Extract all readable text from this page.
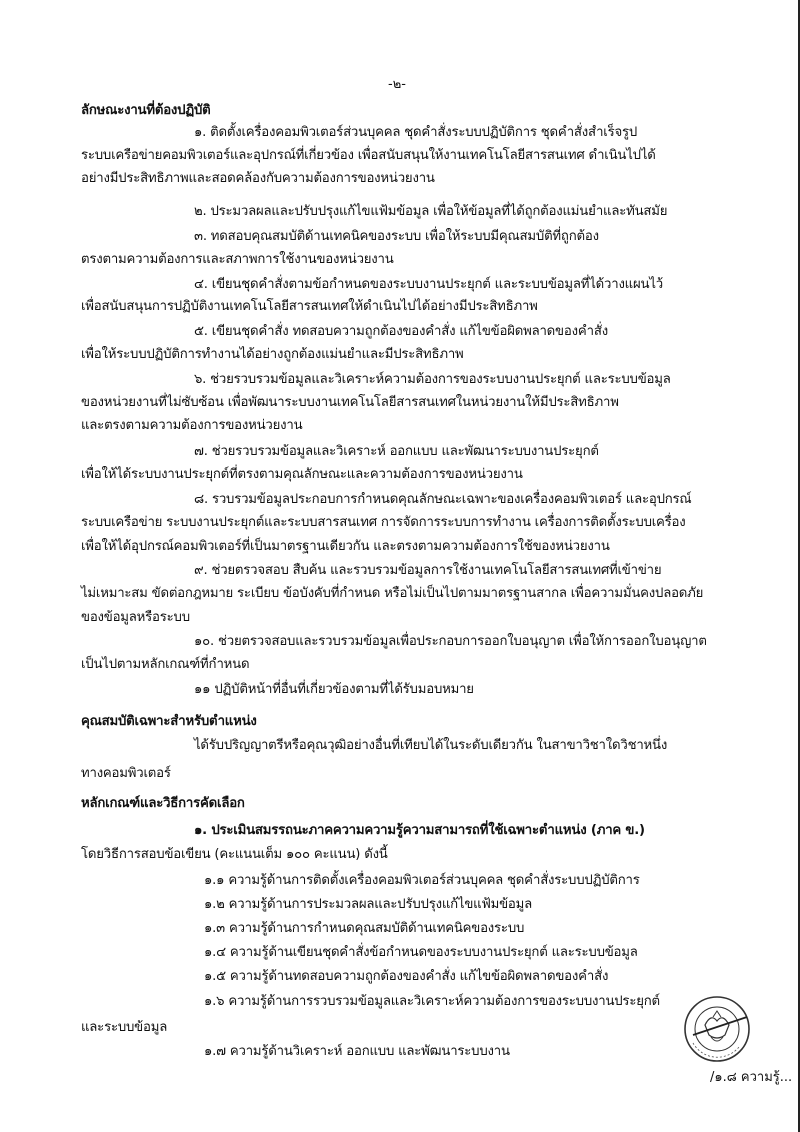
-๒-
ลักษณะงานที่ต้องปฏิบัติ
๑. ติดตั้งเครื่องคอมพิวเตอร์ส่วนบุคคล ชุดคำสั่งระบบปฏิบัติการ ชุดคำสั่งสำเร็จรูป
ระบบเครือข่ายคอมพิวเตอร์และอุปกรณ์ที่เกี่ยวข้อง เพื่อสนับสนุนให้งานเทคโนโลยีสารสนเทศ ดำเนินไปได้
อย่างมีประสิทธิภาพและสอดคล้องกับความต้องการของหน่วยงาน
๒. ประมวลผลและปรับปรุงแก้ไขแฟ้มข้อมูล เพื่อให้ข้อมูลที่ได้ถูกต้องแม่นยำและทันสมัย
๓. ทดสอบคุณสมบัติด้านเทคนิคของระบบ เพื่อให้ระบบมีคุณสมบัติที่ถูกต้อง
ตรงตามความต้องการและสภาพการใช้งานของหน่วยงาน
๔. เขียนชุดคำสั่งตามข้อกำหนดของระบบงานประยุกต์ และระบบข้อมูลที่ได้วางแผนไว้
เพื่อสนับสนุนการปฏิบัติงานเทคโนโลยีสารสนเทศให้ดำเนินไปได้อย่างมีประสิทธิภาพ
๕. เขียนชุดคำสั่ง ทดสอบความถูกต้องของคำสั่ง แก้ไขข้อผิดพลาดของคำสั่ง
เพื่อให้ระบบปฏิบัติการทำงานได้อย่างถูกต้องแม่นยำและมีประสิทธิภาพ
๖. ช่วยรวบรวมข้อมูลและวิเคราะห์ความต้องการของระบบงานประยุกต์ และระบบข้อมูล
ของหน่วยงานที่ไม่ซับซ้อน เพื่อพัฒนาระบบงานเทคโนโลยีสารสนเทศในหน่วยงานให้มีประสิทธิภาพ
และตรงตามความต้องการของหน่วยงาน
๗. ช่วยรวบรวมข้อมูลและวิเคราะห์ ออกแบบ และพัฒนาระบบงานประยุกต์
เพื่อให้ได้ระบบงานประยุกต์ที่ตรงตามคุณลักษณะและความต้องการของหน่วยงาน
๘. รวบรวมข้อมูลประกอบการกำหนดคุณลักษณะเฉพาะของเครื่องคอมพิวเตอร์ และอุปกรณ์
ระบบเครือข่าย ระบบงานประยุกต์และระบบสารสนเทศ การจัดการระบบการทำงาน เครื่องการติดตั้งระบบเครื่อง
เพื่อให้ได้อุปกรณ์คอมพิวเตอร์ที่เป็นมาตรฐานเดียวกัน และตรงตามความต้องการใช้ของหน่วยงาน
๙. ช่วยตรวจสอบ สืบค้น และรวบรวมข้อมูลการใช้งานเทคโนโลยีสารสนเทศที่เข้าข่าย
ไม่เหมาะสม ขัดต่อกฎหมาย ระเบียบ ข้อบังคับที่กำหนด หรือไม่เป็นไปตามมาตรฐานสากล เพื่อความมั่นคงปลอดภัย
ของข้อมูลหรือระบบ
๑๐. ช่วยตรวจสอบและรวบรวมข้อมูลเพื่อประกอบการออกใบอนุญาต เพื่อให้การออกใบอนุญาต
เป็นไปตามหลักเกณฑ์ที่กำหนด
๑๑ ปฏิบัติหน้าที่อื่นที่เกี่ยวข้องตามที่ได้รับมอบหมาย
คุณสมบัติเฉพาะสำหรับตำแหน่ง
ได้รับปริญญาตรีหรือคุณวุฒิอย่างอื่นที่เทียบได้ในระดับเดียวกัน ในสาขาวิชาใดวิชาหนึ่ง
ทางคอมพิวเตอร์
หลักเกณฑ์และวิธีการคัดเลือก
๑. ประเมินสมรรถนะภาคความความรู้ความสามารถที่ใช้เฉพาะตำแหน่ง (ภาค ข.)
โดยวิธีการสอบข้อเขียน (คะแนนเต็ม ๑๐๐ คะแนน) ดังนี้
๑.๑ ความรู้ด้านการติดตั้งเครื่องคอมพิวเตอร์ส่วนบุคคล ชุดคำสั่งระบบปฏิบัติการ
๑.๒ ความรู้ด้านการประมวลผลและปรับปรุงแก้ไขแฟ้มข้อมูล
๑.๓ ความรู้ด้านการกำหนดคุณสมบัติด้านเทคนิคของระบบ
๑.๔ ความรู้ด้านเขียนชุดคำสั่งข้อกำหนดของระบบงานประยุกต์ และระบบข้อมูล
๑.๕ ความรู้ด้านทดสอบความถูกต้องของคำสั่ง แก้ไขข้อผิดพลาดของคำสั่ง
๑.๖ ความรู้ด้านการรวบรวมข้อมูลและวิเคราะห์ความต้องการของระบบงานประยุกต์
และระบบข้อมูล
๑.๗ ความรู้ด้านวิเคราะห์ ออกแบบ และพัฒนาระบบงาน
/๑.๘ ความรู้...
